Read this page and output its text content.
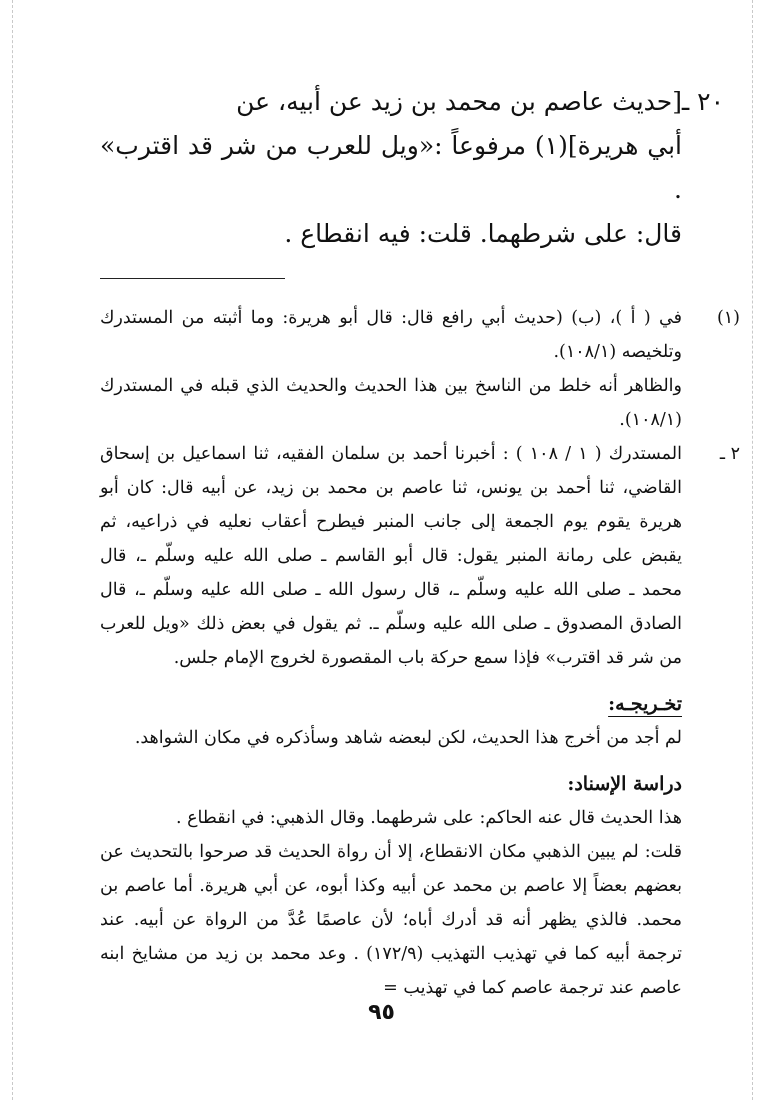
٢٠ ـ

[حديث عاصم بن محمد بن زيد عن أبيه، عن

أبي هريرة](١) مرفوعاً :«ويل للعرب من شر قد اقترب» .

قال: على شرطهما. قلت: فيه انقطاع .

(١)

في ( أ )، (ب) (حديث أبي رافع قال: قال أبو هريرة: وما أثبته من المستدرك وتلخيصه (١٠٨/١).

والظاهر أنه خلط من الناسخ بين هذا الحديث والحديث الذي قبله في المستدرك (١٠٨/١).

٢ ـ

المستدرك ( ١ / ١٠٨ ) : أخبرنا أحمد بن سلمان الفقيه، ثنا اسماعيل بن إسحاق القاضي، ثنا أحمد بن يونس، ثنا عاصم بن محمد بن زيد، عن أبيه قال: كان أبو هريرة يقوم يوم الجمعة إلى جانب المنبر فيطرح أعقاب نعليه في ذراعيه، ثم يقبض على رمانة المنبر يقول: قال أبو القاسم ـ صلى الله عليه وسلّم ـ، قال محمد ـ صلى الله عليه وسلّم ـ، قال رسول الله ـ صلى الله عليه وسلّم ـ، قال الصادق المصدوق ـ صلى الله عليه وسلّم ـ. ثم يقول في بعض ذلك «ويل للعرب من شر قد اقترب» فإذا سمع حركة باب المقصورة لخروج الإمام جلس.

تخـريجـه:

لم أجد من أخرج هذا الحديث، لكن لبعضه شاهد وسأذكره في مكان الشواهد.

دراسة الإسناد:

هذا الحديث قال عنه الحاكم: على شرطهما. وقال الذهبي: في انقطاع .

قلت: لم يبين الذهبي مكان الانقطاع، إلا أن رواة الحديث قد صرحوا بالتحديث عن بعضهم بعضاً إلا عاصم بن محمد عن أبيه وكذا أبوه، عن أبي هريرة. أما عاصم بن محمد. فالذي يظهر أنه قد أدرك أباه؛ لأن عاصمًا عُدَّ من الرواة عن أبيه. عند ترجمة أبيه كما في تهذيب التهذيب (١٧٢/٩) . وعد محمد بن زيد من مشايخ ابنه عاصم عند ترجمة عاصم كما في تهذيب =

٩٥
